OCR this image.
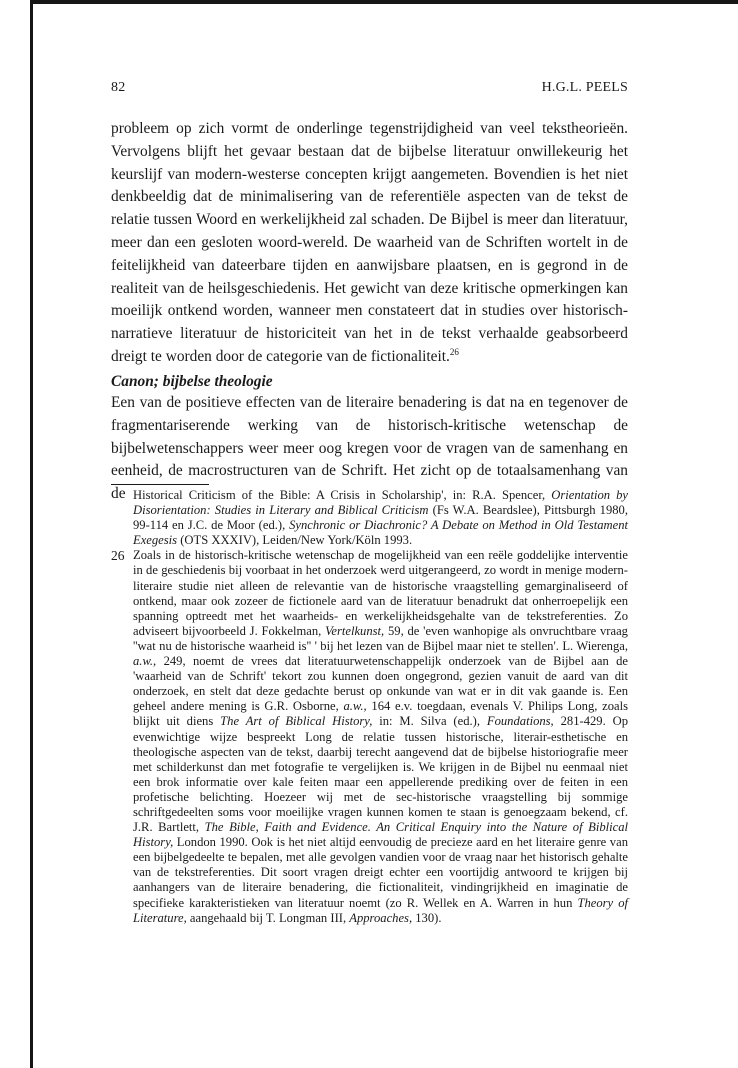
82	H.G.L. PEELS

probleem op zich vormt de onderlinge tegenstrijdigheid van veel tekstheorieën. Vervolgens blijft het gevaar bestaan dat de bijbelse literatuur onwillekeurig het keurslijf van modern-westerse concepten krijgt aangemeten. Bovendien is het niet denkbeeldig dat de minimalisering van de referentiële aspecten van de tekst de relatie tussen Woord en werkelijkheid zal schaden. De Bijbel is meer dan literatuur, meer dan een gesloten woord-wereld. De waarheid van de Schriften wortelt in de feitelijkheid van dateerbare tijden en aanwijsbare plaatsen, en is gegrond in de realiteit van de heilsgeschiedenis. Het gewicht van deze kritische opmerkingen kan moeilijk ontkend worden, wanneer men constateert dat in studies over historisch-narratieve literatuur de historiciteit van het in de tekst verhaalde geabsorbeerd dreigt te worden door de categorie van de fictionaliteit.$^{26}$

Canon; bijbelse theologie

Een van de positieve effecten van de literaire benadering is dat na en tegenover de fragmentariserende werking van de historisch-kritische wetenschap de bijbelwetenschappers weer meer oog kregen voor de vragen van de samenhang en eenheid, de macrostructuren van de Schrift. Het zicht op de totaalsamenhang van de Historical Criticism of the Bible: A Crisis in Scholarship', in: R.A. Spencer, Orientation by Disorientation: Studies in Literary and Biblical Criticism (Fs W.A. Beardslee), Pittsburgh 1980, 99-114 en J.C. de Moor (ed.), Synchronic or Diachronic? A Debate on Method in Old Testament Exegesis (OTS XXXIV), Leiden/New York/Köln 1993.

26 Zoals in de historisch-kritische wetenschap de mogelijkheid van een reële goddelijke interventie in de geschiedenis bij voorbaat in het onderzoek werd uitgerangeerd, zo wordt in menige modern-literaire studie niet alleen de relevantie van de historische vraagstelling gemarginaliseerd of ontkend, maar ook zozeer de fictionele aard van de literatuur benadrukt dat onherroepelijk een spanning optreedt met het waarheids- en werkelijkheidsgehalte van de tekstreferenties. Zo adviseert bijvoorbeeld J. Fokkelman, Vertelkunst, 59, de 'even wanhopige als onvruchtbare vraag ''wat nu de historische waarheid is'' ' bij het lezen van de Bijbel maar niet te stellen'. L. Wierenga, a.w., 249, noemt de vrees dat literatuurwetenschappelijk onderzoek van de Bijbel aan de 'waarheid van de Schrift' tekort zou kunnen doen ongegrond, gezien vanuit de aard van dit onderzoek, en stelt dat deze gedachte berust op onkunde van wat er in dit vak gaande is. Een geheel andere mening is G.R. Osborne, a.w., 164 e.v. toegdaan, evenals V. Philips Long, zoals blijkt uit diens The Art of Biblical History, in: M. Silva (ed.), Foundations, 281-429. Op evenwichtige wijze bespreekt Long de relatie tussen historische, literair-esthetische en theologische aspecten van de tekst, daarbij terecht aangevend dat de bijbelse historiografie meer met schilderkunst dan met fotografie te vergelijken is. We krijgen in de Bijbel nu eenmaal niet een brok informatie over kale feiten maar een appellerende prediking over de feiten in een profetische belichting. Hoezeer wij met de sec-historische vraagstelling bij sommige schriftgedeelten soms voor moeilijke vragen kunnen komen te staan is genoegzaam bekend, cf. J.R. Bartlett, The Bible, Faith and Evidence. An Critical Enquiry into the Nature of Biblical History, London 1990. Ook is het niet altijd eenvoudig de precieze aard en het literaire genre van een bijbelgedeelte te bepalen, met alle gevolgen vandien voor de vraag naar het historisch gehalte van de tekstreferenties. Dit soort vragen dreigt echter een voortijdig antwoord te krijgen bij aanhangers van de literaire benadering, die fictionaliteit, vindingrijkheid en imaginatie de specifieke karakteristieken van literatuur noemt (zo R. Wellek en A. Warren in hun Theory of Literature, aangehaald bij T. Longman III, Approaches, 130).
